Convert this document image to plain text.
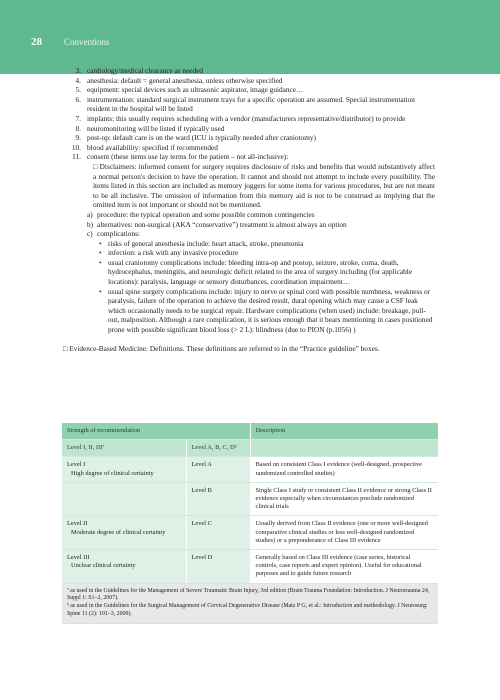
28 Conventions
3. cardiology/medical clearance as needed
4. anesthesia: default = general anesthesia, unless otherwise specified
5. equipment: special devices such as ultrasonic aspirator, image guidance…
6. instrumentation: standard surgical instrument trays for a specific operation are assumed. Special instrumentation resident in the hospital will be listed
7. implants: this usually requires scheduling with a vendor (manufacturers representative/distributor) to provide
8. neuromonitoring will be listed if typically used
9. post-op: default care is on the ward (ICU is typically needed after craniotomy)
10. blood availability: specified if recommended
11. consent (these items use lay terms for the patient – not all-inclusive):
□ Disclaimers: informed consent for surgery requires disclosure of risks and benefits that would substantively affect a normal person's decision to have the operation. It cannot and should not attempt to include every possibility. The items listed in this section are included as memory joggers for some items for various procedures, but are not meant to be all inclusive. The omission of information from this memory aid is not to be construed as implying that the omitted item is not important or should not be mentioned.
a) procedure: the typical operation and some possible common contingencies
b) alternatives: non-surgical (AKA “conservative”) treatment is almost always an option
c) complications:
• risks of general anesthesia include: heart attack, stroke, pneumonia
• infection: a risk with any invasive procedure
• usual craniotomy complications include: bleeding intra-op and postop, seizure, stroke, coma, death, hydrocephalus, meningitis, and neurologic deficit related to the area of surgery including (for applicable locations): paralysis, language or sensory disturbances, coordination impairment…
• usual spine surgery complications include: injury to nerve or spinal cord with possible numbness, weakness or paralysis, failure of the operation to achieve the desired result, dural opening which may cause a CSF leak which occasionally needs to be surgical repair. Hardware complications (when used) include: breakage, pull-out, malposition. Although a rare complication, it is serious enough that it bears mentioning in cases positioned prone with possible significant blood loss (> 2 L): blindness (due to PION (p.1056) )
□ Evidence-Based Medicine: Definitions. These definitions are referred to in the “Practice guideline” boxes.
Strength of recommendation		Description
Level I, II, IIIª	Level A, B, C, Dᵇ	

Level I
High degree of clinical certainty	Level A	Based on consistent Class I evidence (well-designed, prospective randomized controlled studies)

	Level B	Single Class I study or consistent Class II evidence or strong Class II evidence especially when circumstances preclude randomized clinical trials

Level II
Moderate degree of clinical certainty	Level C	Usually derived from Class II evidence (one or more well-designed comparative clinical studies or less well-designed randomized studies) or a preponderance of Class III evidence

Level III
Unclear clinical certainty	Level D	Generally based on Class III evidence (case series, historical controls, case reports and expert opinion). Useful for educational purposes and to guide future research

ª as used in the Guidelines for the Management of Severe Traumatic Brain Injury, 3rd edition (Brain Trauma Foundation: Introduction. J Neurotrauma 24, Suppl 1: S1–2, 2007).
ᵇ as used in the Guidelines for the Surgical Management of Cervical Degenerative Disease (Matz P G, et al.: Introduction and methodology. J Neurosurg: Spine 11 (2): 101–3, 2009).		
